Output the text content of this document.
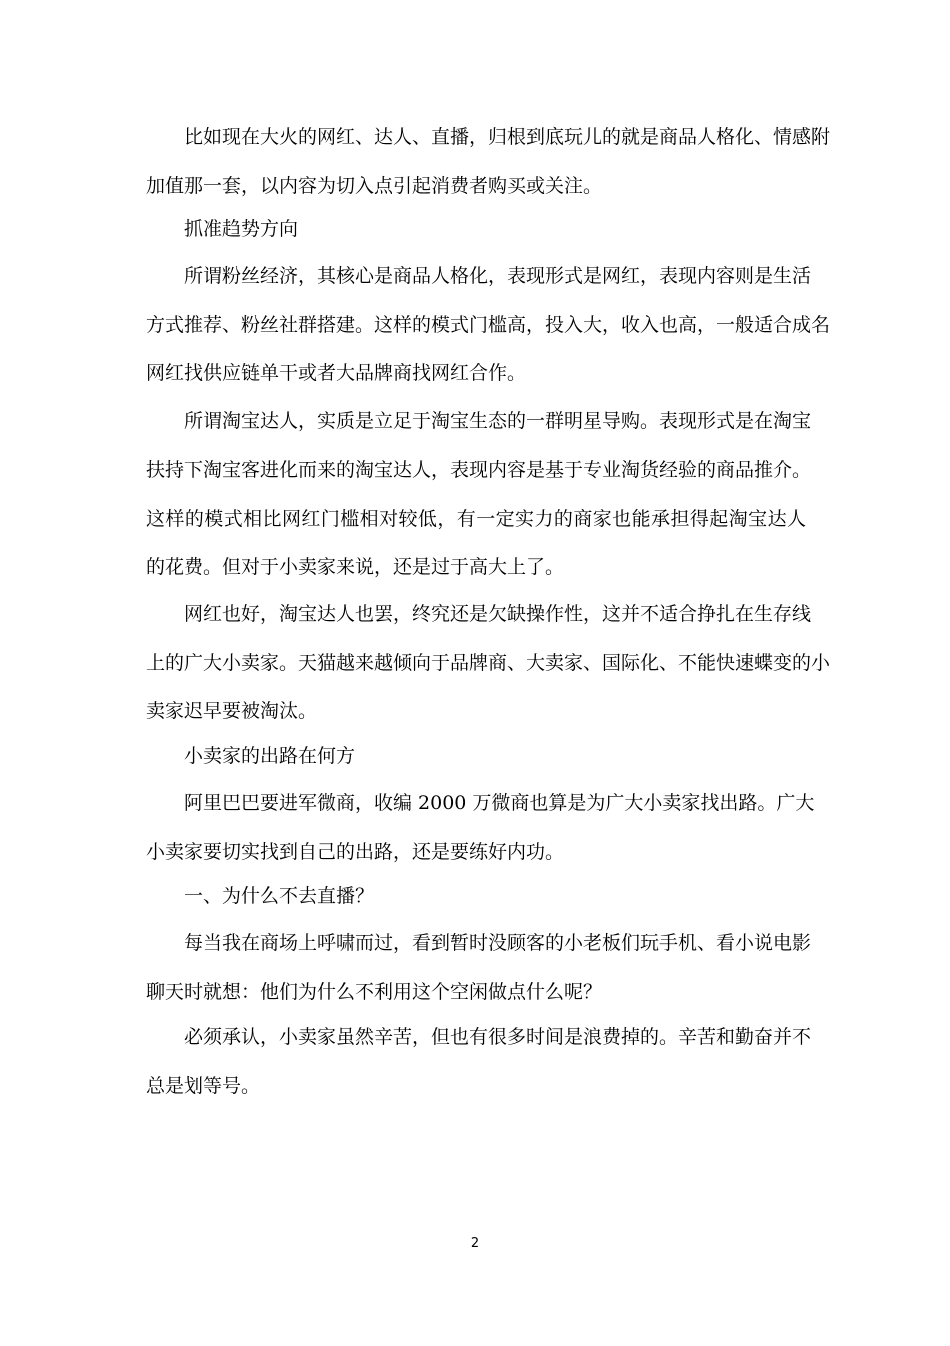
比如现在大火的网红、达人、直播，归根到底玩儿的就是商品人格化、情感附
加值那一套，以内容为切入点引起消费者购买或关注。
抓准趋势方向
所谓粉丝经济，其核心是商品人格化，表现形式是网红，表现内容则是生活
方式推荐、粉丝社群搭建。这样的模式门槛高，投入大，收入也高，一般适合成名
网红找供应链单干或者大品牌商找网红合作。
所谓淘宝达人，实质是立足于淘宝生态的一群明星导购。表现形式是在淘宝
扶持下淘宝客进化而来的淘宝达人，表现内容是基于专业淘货经验的商品推介。
这样的模式相比网红门槛相对较低，有一定实力的商家也能承担得起淘宝达人
的花费。但对于小卖家来说，还是过于高大上了。
网红也好，淘宝达人也罢，终究还是欠缺操作性，这并不适合挣扎在生存线
上的广大小卖家。天猫越来越倾向于品牌商、大卖家、国际化、不能快速蝶变的小
卖家迟早要被淘汰。
小卖家的出路在何方
阿里巴巴要进军微商，收编 2000 万微商也算是为广大小卖家找出路。广大
小卖家要切实找到自己的出路，还是要练好内功。
一、为什么不去直播？
每当我在商场上呼啸而过，看到暂时没顾客的小老板们玩手机、看小说电影
聊天时就想：他们为什么不利用这个空闲做点什么呢？
必须承认，小卖家虽然辛苦，但也有很多时间是浪费掉的。辛苦和勤奋并不
总是划等号。
2
